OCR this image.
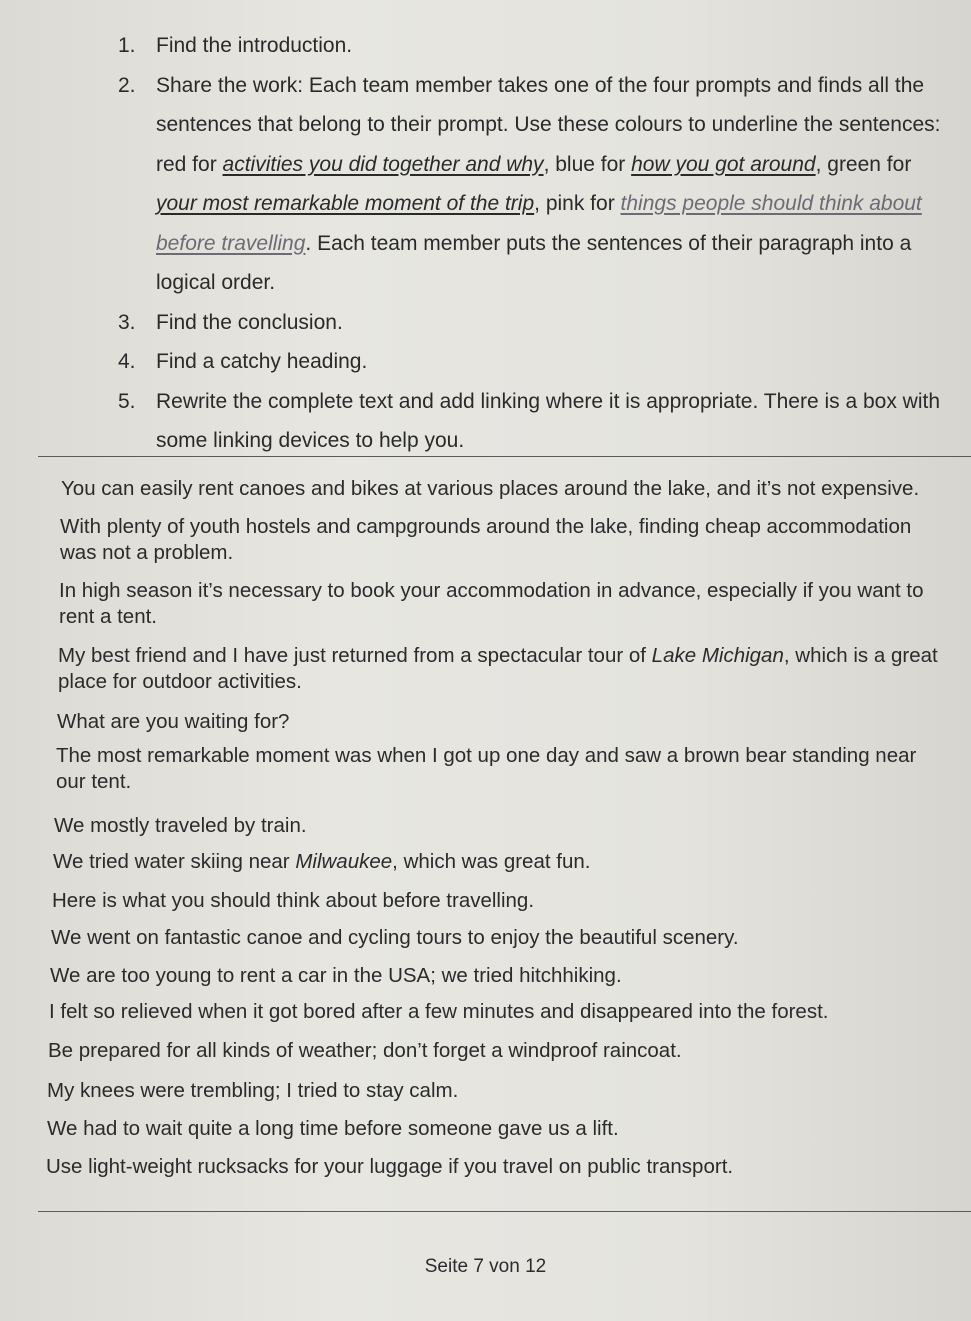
1. Find the introduction.
2. Share the work: Each team member takes one of the four prompts and finds all the sentences that belong to their prompt. Use these colours to underline the sentences: red for activities you did together and why, blue for how you got around, green for your most remarkable moment of the trip, pink for things people should think about before travelling. Each team member puts the sentences of their paragraph into a logical order.
3. Find the conclusion.
4. Find a catchy heading.
5. Rewrite the complete text and add linking where it is appropriate. There is a box with some linking devices to help you.
You can easily rent canoes and bikes at various places around the lake, and it’s not expensive.
With plenty of youth hostels and campgrounds around the lake, finding cheap accommodation
was not a problem.
In high season it’s necessary to book your accommodation in advance, especially if you want to
rent a tent.
My best friend and I have just returned from a spectacular tour of Lake Michigan, which is a great
place for outdoor activities.
What are you waiting for?
The most remarkable moment was when I got up one day and saw a brown bear standing near
our tent.
We mostly traveled by train.
We tried water skiing near Milwaukee, which was great fun.
Here is what you should think about before travelling.
We went on fantastic canoe and cycling tours to enjoy the beautiful scenery.
We are too young to rent a car in the USA; we tried hitchhiking.
I felt so relieved when it got bored after a few minutes and disappeared into the forest.
Be prepared for all kinds of weather; don’t forget a windproof raincoat.
My knees were trembling; I tried to stay calm.
We had to wait quite a long time before someone gave us a lift.
Use light-weight rucksacks for your luggage if you travel on public transport.
Seite 7 von 12
